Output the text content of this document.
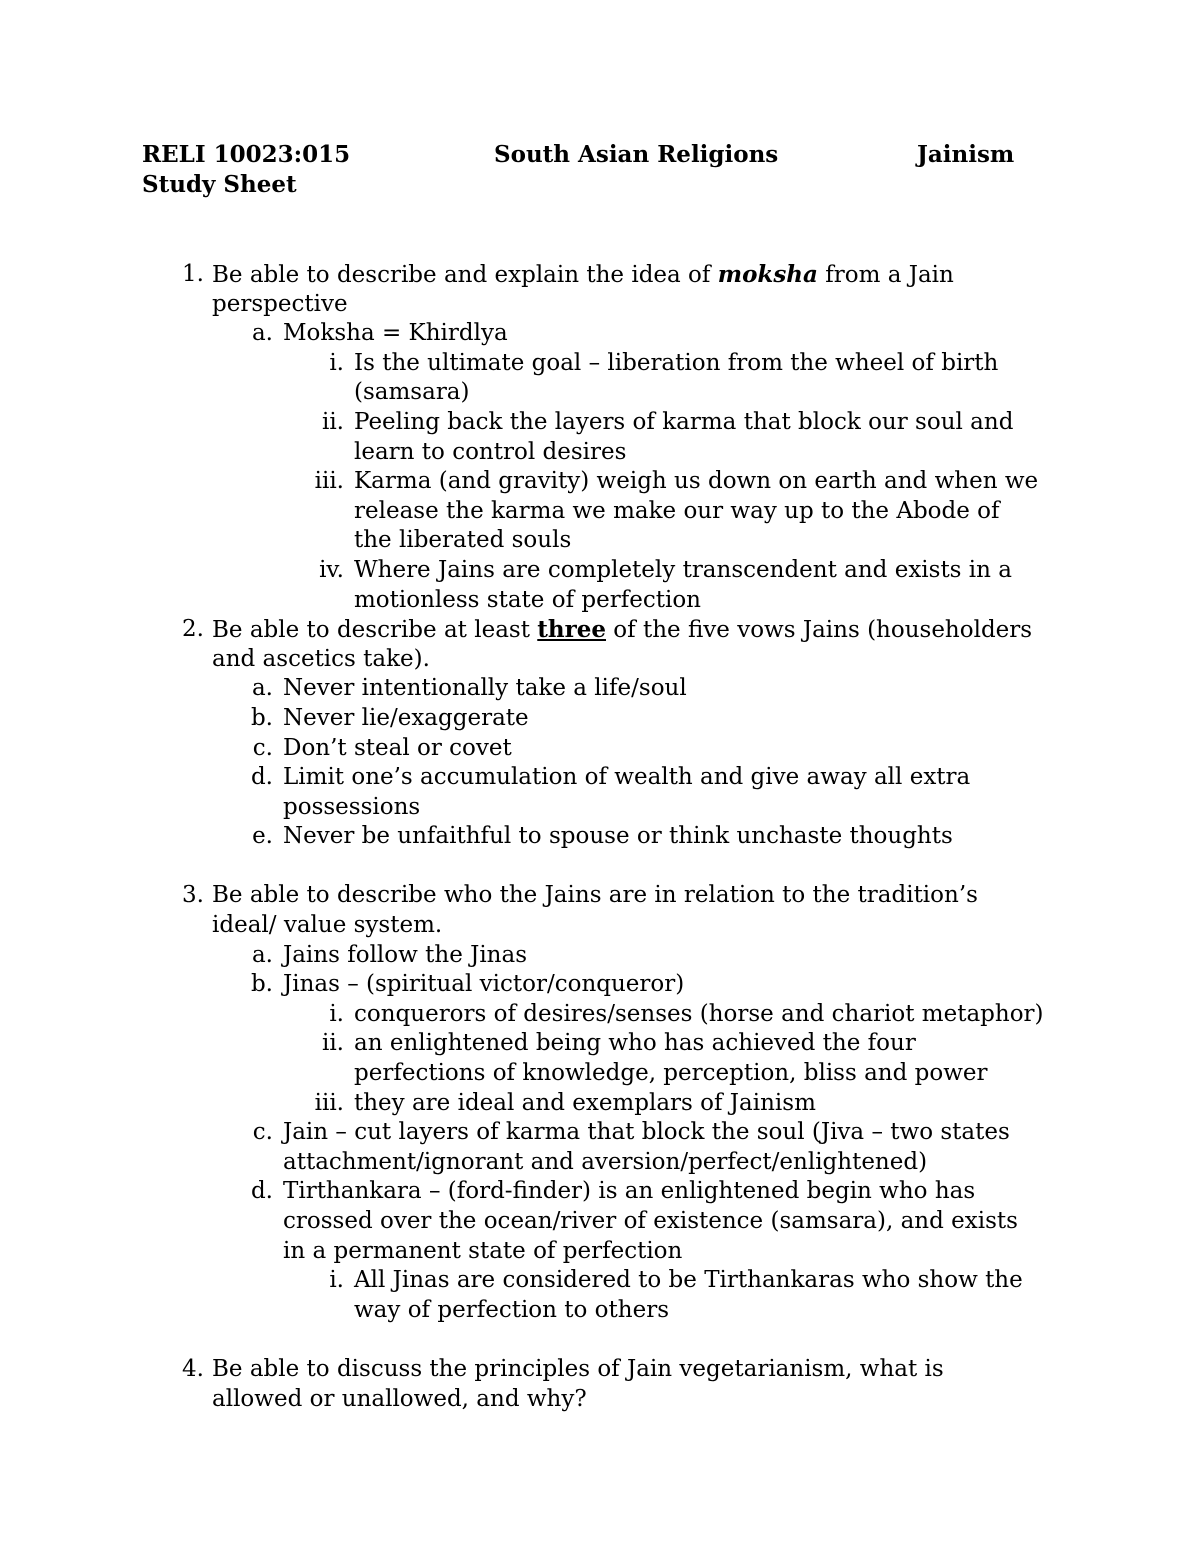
RELI 10023:015	South Asian Religions	Jainism
Study Sheet
1. Be able to describe and explain the idea of moksha from a Jain
perspective
a. Moksha = Khirdlya
i. Is the ultimate goal – liberation from the wheel of birth
(samsara)
ii. Peeling back the layers of karma that block our soul and
learn to control desires
iii. Karma (and gravity) weigh us down on earth and when we
release the karma we make our way up to the Abode of
the liberated souls
iv. Where Jains are completely transcendent and exists in a
motionless state of perfection
2. Be able to describe at least three of the five vows Jains (householders
and ascetics take).
a. Never intentionally take a life/soul
b. Never lie/exaggerate
c. Don’t steal or covet
d. Limit one’s accumulation of wealth and give away all extra
possessions
e. Never be unfaithful to spouse or think unchaste thoughts
3. Be able to describe who the Jains are in relation to the tradition’s
ideal/ value system.
a. Jains follow the Jinas
b. Jinas – (spiritual victor/conqueror)
i. conquerors of desires/senses (horse and chariot metaphor)
ii. an enlightened being who has achieved the four
perfections of knowledge, perception, bliss and power
iii. they are ideal and exemplars of Jainism
c. Jain – cut layers of karma that block the soul (Jiva – two states
attachment/ignorant and aversion/perfect/enlightened)
d. Tirthankara – (ford-finder) is an enlightened begin who has
crossed over the ocean/river of existence (samsara), and exists
in a permanent state of perfection
i. All Jinas are considered to be Tirthankaras who show the
way of perfection to others
4. Be able to discuss the principles of Jain vegetarianism, what is
allowed or unallowed, and why?
